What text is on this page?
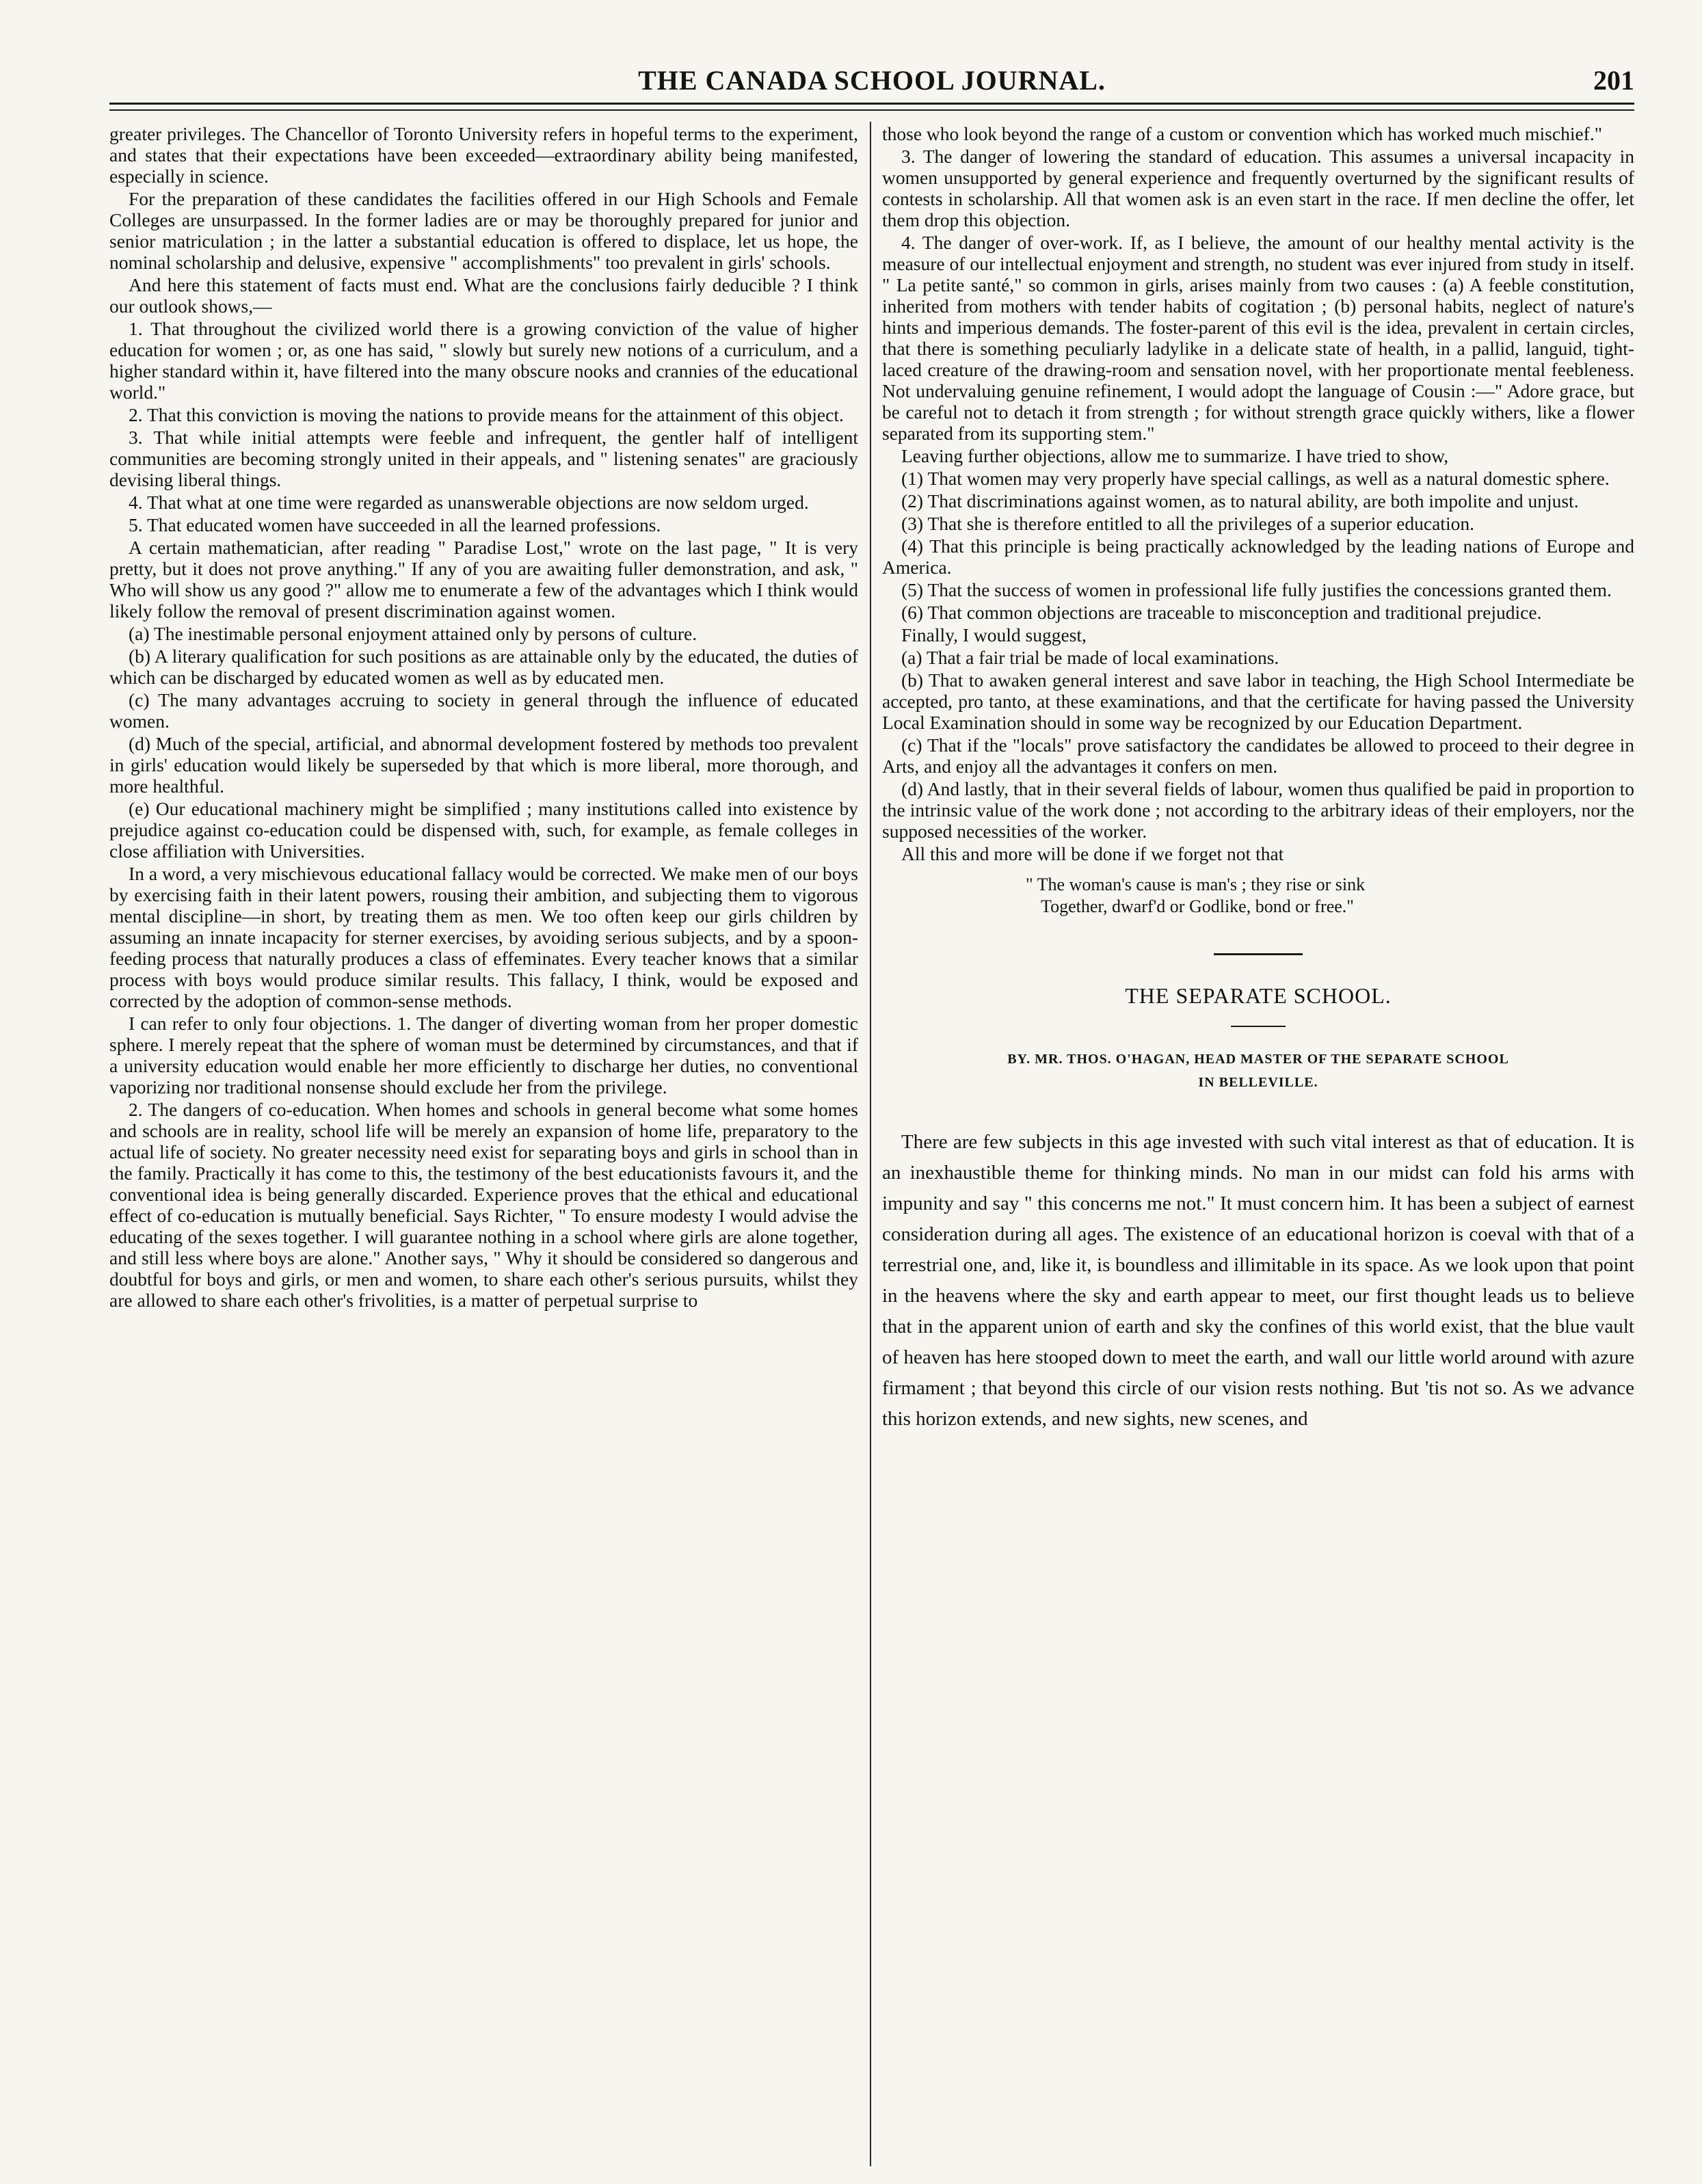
THE CANADA SCHOOL JOURNAL.	201

greater privileges. The Chancellor of Toronto University refers in hopeful terms to the experiment, and states that their expectations have been exceeded—extraordinary ability being manifested, especially in science.

For the preparation of these candidates the facilities offered in our High Schools and Female Colleges are unsurpassed. In the former ladies are or may be thoroughly prepared for junior and senior matriculation ; in the latter a substantial education is offered to displace, let us hope, the nominal scholarship and delusive, expensive " accomplishments" too prevalent in girls' schools.

And here this statement of facts must end. What are the conclusions fairly deducible ? I think our outlook shows,—

1. That throughout the civilized world there is a growing conviction of the value of higher education for women ; or, as one has said, " slowly but surely new notions of a curriculum, and a higher standard within it, have filtered into the many obscure nooks and crannies of the educational world."

2. That this conviction is moving the nations to provide means for the attainment of this object.

3. That while initial attempts were feeble and infrequent, the gentler half of intelligent communities are becoming strongly united in their appeals, and " listening senates" are graciously devising liberal things.

4. That what at one time were regarded as unanswerable objections are now seldom urged.

5. That educated women have succeeded in all the learned professions.

A certain mathematician, after reading " Paradise Lost," wrote on the last page, " It is very pretty, but it does not prove anything." If any of you are awaiting fuller demonstration, and ask, " Who will show us any good ?" allow me to enumerate a few of the advantages which I think would likely follow the removal of present discrimination against women.

(a) The inestimable personal enjoyment attained only by persons of culture.

(b) A literary qualification for such positions as are attainable only by the educated, the duties of which can be discharged by educated women as well as by educated men.

(c) The many advantages accruing to society in general through the influence of educated women.

(d) Much of the special, artificial, and abnormal development fostered by methods too prevalent in girls' education would likely be superseded by that which is more liberal, more thorough, and more healthful.

(e) Our educational machinery might be simplified ; many institutions called into existence by prejudice against co-education could be dispensed with, such, for example, as female colleges in close affiliation with Universities.

In a word, a very mischievous educational fallacy would be corrected. We make men of our boys by exercising faith in their latent powers, rousing their ambition, and subjecting them to vigorous mental discipline—in short, by treating them as men. We too often keep our girls children by assuming an innate incapacity for sterner exercises, by avoiding serious subjects, and by a spoon-feeding process that naturally produces a class of effeminates. Every teacher knows that a similar process with boys would produce similar results. This fallacy, I think, would be exposed and corrected by the adoption of common-sense methods.

I can refer to only four objections. 1. The danger of diverting woman from her proper domestic sphere. I merely repeat that the sphere of woman must be determined by circumstances, and that if a university education would enable her more efficiently to discharge her duties, no conventional vaporizing nor traditional nonsense should exclude her from the privilege.

2. The dangers of co-education. When homes and schools in general become what some homes and schools are in reality, school life will be merely an expansion of home life, preparatory to the actual life of society. No greater necessity need exist for separating boys and girls in school than in the family. Practically it has come to this, the testimony of the best educationists favours it, and the conventional idea is being generally discarded. Experience proves that the ethical and educational effect of co-education is mutually beneficial. Says Richter, " To ensure modesty I would advise the educating of the sexes together. I will guarantee nothing in a school where girls are alone together, and still less where boys are alone." Another says, " Why it should be considered so dangerous and doubtful for boys and girls, or men and women, to share each other's serious pursuits, whilst they are allowed to share each other's frivolities, is a matter of perpetual surprise to

those who look beyond the range of a custom or convention which has worked much mischief."

3. The danger of lowering the standard of education. This assumes a universal incapacity in women unsupported by general experience and frequently overturned by the significant results of contests in scholarship. All that women ask is an even start in the race. If men decline the offer, let them drop this objection.

4. The danger of over-work. If, as I believe, the amount of our healthy mental activity is the measure of our intellectual enjoyment and strength, no student was ever injured from study in itself. " La petite santé," so common in girls, arises mainly from two causes : (a) A feeble constitution, inherited from mothers with tender habits of cogitation ; (b) personal habits, neglect of nature's hints and imperious demands. The foster-parent of this evil is the idea, prevalent in certain circles, that there is something peculiarly ladylike in a delicate state of health, in a pallid, languid, tight-laced creature of the drawing-room and sensation novel, with her proportionate mental feebleness. Not undervaluing genuine refinement, I would adopt the language of Cousin :—" Adore grace, but be careful not to detach it from strength ; for without strength grace quickly withers, like a flower separated from its supporting stem."

Leaving further objections, allow me to summarize. I have tried to show,

(1) That women may very properly have special callings, as well as a natural domestic sphere.

(2) That discriminations against women, as to natural ability, are both impolite and unjust.

(3) That she is therefore entitled to all the privileges of a superior education.

(4) That this principle is being practically acknowledged by the leading nations of Europe and America.

(5) That the success of women in professional life fully justifies the concessions granted them.

(6) That common objections are traceable to misconception and traditional prejudice.

Finally, I would suggest,

(a) That a fair trial be made of local examinations.

(b) That to awaken general interest and save labor in teaching, the High School Intermediate be accepted, pro tanto, at these examinations, and that the certificate for having passed the University Local Examination should in some way be recognized by our Education Department.

(c) That if the "locals" prove satisfactory the candidates be allowed to proceed to their degree in Arts, and enjoy all the advantages it confers on men.

(d) And lastly, that in their several fields of labour, women thus qualified be paid in proportion to the intrinsic value of the work done ; not according to the arbitrary ideas of their employers, nor the supposed necessities of the worker.

All this and more will be done if we forget not that

" The woman's cause is man's ; they rise or sink
Together, dwarf'd or Godlike, bond or free."
THE SEPARATE SCHOOL.
BY. MR. THOS. O'HAGAN, HEAD MASTER OF THE SEPARATE SCHOOL
IN BELLEVILLE.

There are few subjects in this age invested with such vital interest as that of education. It is an inexhaustible theme for thinking minds. No man in our midst can fold his arms with impunity and say " this concerns me not." It must concern him. It has been a subject of earnest consideration during all ages. The existence of an educational horizon is coeval with that of a terrestrial one, and, like it, is boundless and illimitable in its space. As we look upon that point in the heavens where the sky and earth appear to meet, our first thought leads us to believe that in the apparent union of earth and sky the confines of this world exist, that the blue vault of heaven has here stooped down to meet the earth, and wall our little world around with azure firmament ; that beyond this circle of our vision rests nothing. But 'tis not so. As we advance this horizon extends, and new sights, new scenes, and
